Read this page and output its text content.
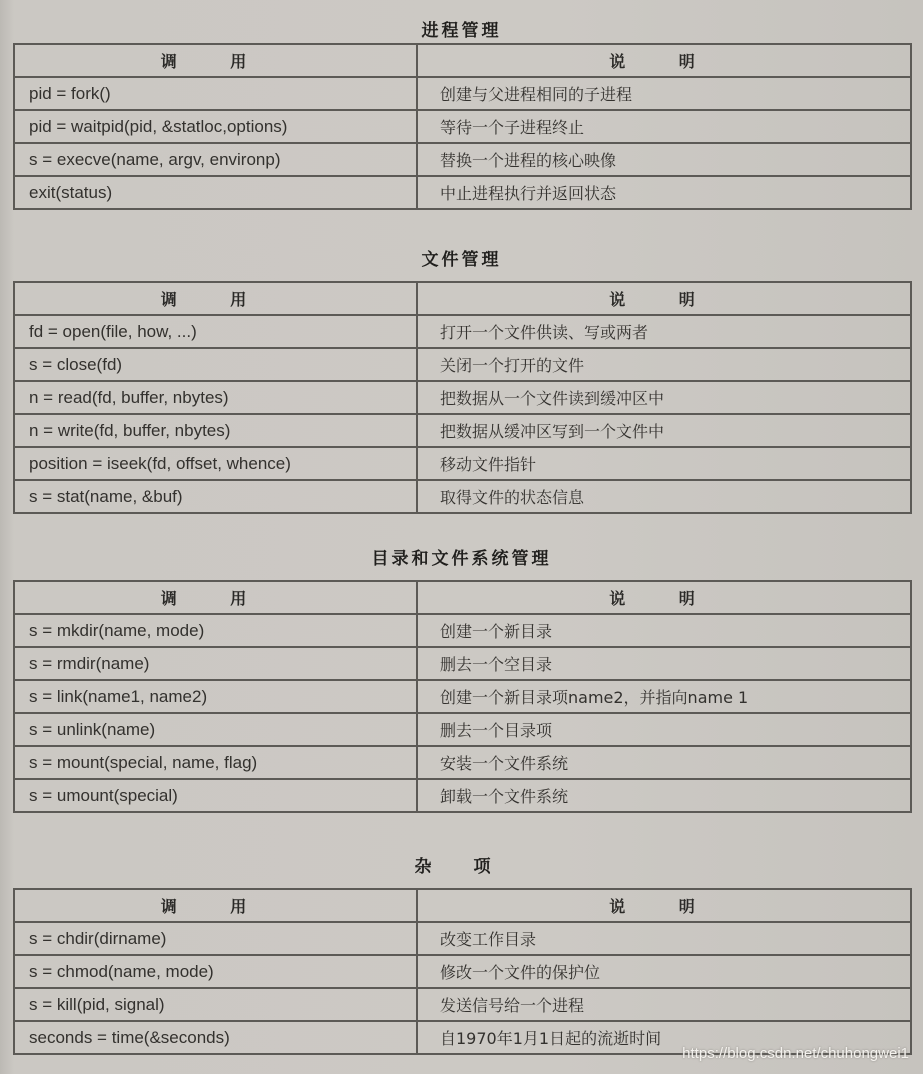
进程管理
调 用	说 明
pid = fork()	创建与父进程相同的子进程
pid = waitpid(pid, &statloc,options)	等待一个子进程终止
s = execve(name, argv, environp)	替换一个进程的核心映像
exit(status)	中止进程执行并返回状态
文件管理
调 用	说 明
fd = open(file, how, ...)	打开一个文件供读、写或两者
s = close(fd)	关闭一个打开的文件
n = read(fd, buffer, nbytes)	把数据从一个文件读到缓冲区中
n = write(fd, buffer, nbytes)	把数据从缓冲区写到一个文件中
position = iseek(fd, offset, whence)	移动文件指针
s = stat(name, &buf)	取得文件的状态信息
目录和文件系统管理
调 用	说 明
s = mkdir(name, mode)	创建一个新目录
s = rmdir(name)	删去一个空目录
s = link(name1, name2)	创建一个新目录项name2，并指向name 1
s = unlink(name)	删去一个目录项
s = mount(special, name, flag)	安装一个文件系统
s = umount(special)	卸载一个文件系统
杂 项
调 用	说 明
s = chdir(dirname)	改变工作目录
s = chmod(name, mode)	修改一个文件的保护位
s = kill(pid, signal)	发送信号给一个进程
seconds = time(&seconds)	自1970年1月1日起的流逝时间
https://blog.csdn.net/chuhongwei1
